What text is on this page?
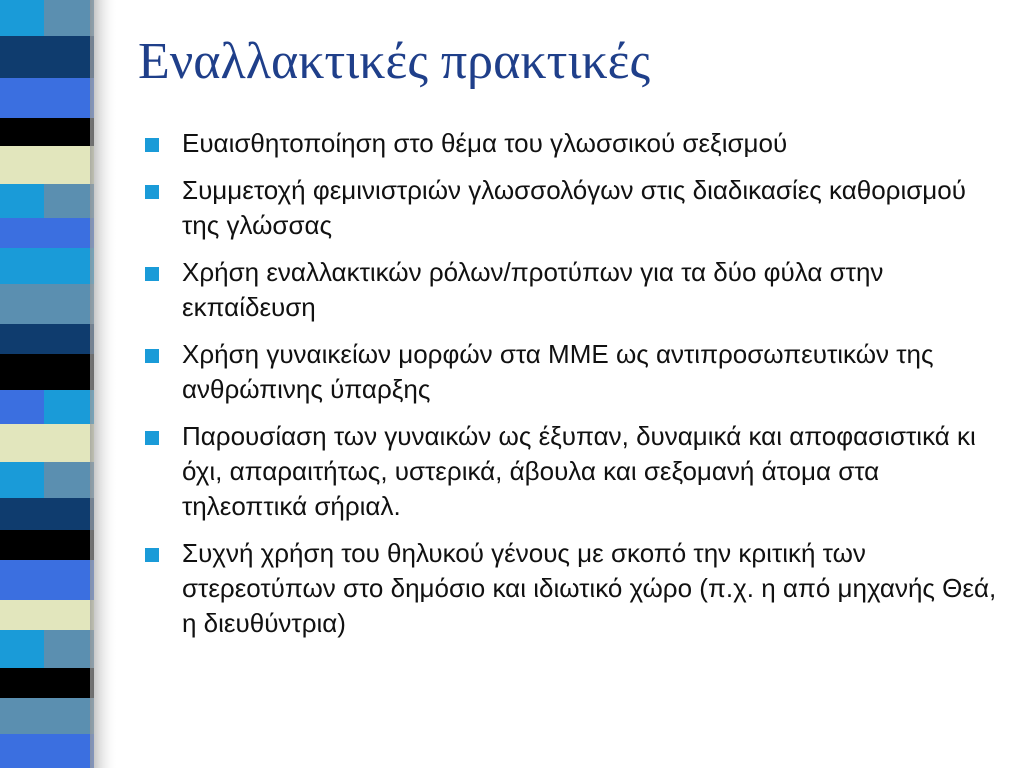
Εναλλακτικές πρακτικές
Ευαισθητοποίηση στο θέμα του γλωσσικού σεξισμού
Συμμετοχή φεμινιστριών γλωσσολόγων στις διαδικασίες καθορισμού της γλώσσας
Χρήση εναλλακτικών ρόλων/προτύπων για τα δύο φύλα στην εκπαίδευση
Χρήση γυναικείων μορφών στα ΜΜΕ ως αντιπροσωπευτικών της ανθρώπινης ύπαρξης
Παρουσίαση των γυναικών ως έξυπαν, δυναμικά και αποφασιστικά κι όχι, απαραιτήτως, υστερικά, άβουλα και σεξομανή άτομα στα τηλεοπτικά σήριαλ.
Συχνή χρήση του θηλυκού γένους με σκοπό την κριτική των στερεοτύπων στο δημόσιο και ιδιωτικό χώρο (π.χ. η από μηχανής Θεά, η διευθύντρια)
